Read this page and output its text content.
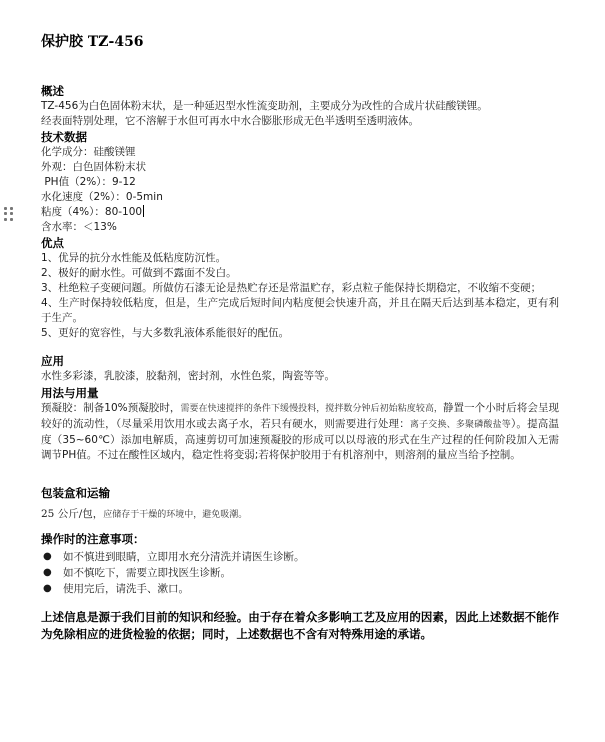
保护胶 TZ-456
概述
TZ-456为白色固体粉末状，是一种延迟型水性流变助剂，主要成分为改性的合成片状硅酸镁锂。
经表面特别处理，它不溶解于水但可再水中水合膨胀形成无色半透明至透明液体。
技术数据
化学成分：硅酸镁锂
外观：白色固体粉末状
PH值（2%）：9-12
水化速度（2%）：0-5min
粘度（4%）：80-100
含水率：＜13%
优点
1、优异的抗分水性能及低粘度防沉性。
2、极好的耐水性。可做到不露面不发白。
3、杜绝粒子变硬问题。所做仿石漆无论是热贮存还是常温贮存，彩点粒子能保持长期稳定，不收缩不变硬；
4、生产时保持较低粘度，但是，生产完成后短时间内粘度便会快速升高，并且在隔天后达到基本稳定，更有利于生产。
5、更好的宽容性，与大多数乳液体系能很好的配伍。
应用
水性多彩漆，乳胶漆，胶黏剂，密封剂，水性色浆，陶瓷等等。
用法与用量
预凝胶：制备10%预凝胶时，需要在快速搅拌的条件下缓慢投料，搅拌数分钟后初始粘度较高，静置一个小时后将会呈现较好的流动性，（尽量采用饮用水或去离子水，若只有硬水，则需要进行处理：离子交换、多聚磷酸盐等）。提高温度（35~60℃）添加电解质，高速剪切可加速预凝胶的形成可以以母液的形式在生产过程的任何阶段加入无需调节PH值。不过在酸性区域内，稳定性将变弱;若将保护胶用于有机溶剂中，则溶剂的量应当给予控制。
包装盒和运输
25 公斤/包，应储存于干燥的环境中，避免吸潮。
操作时的注意事项：
● 如不慎进到眼睛，立即用水充分清洗并请医生诊断。
● 如不慎吃下，需要立即找医生诊断。
● 使用完后，请洗手、漱口。
上述信息是源于我们目前的知识和经验。由于存在着众多影响工艺及应用的因素，因此上述数据不能作为免除相应的进货检验的依据；同时，上述数据也不含有对特殊用途的承诺。
